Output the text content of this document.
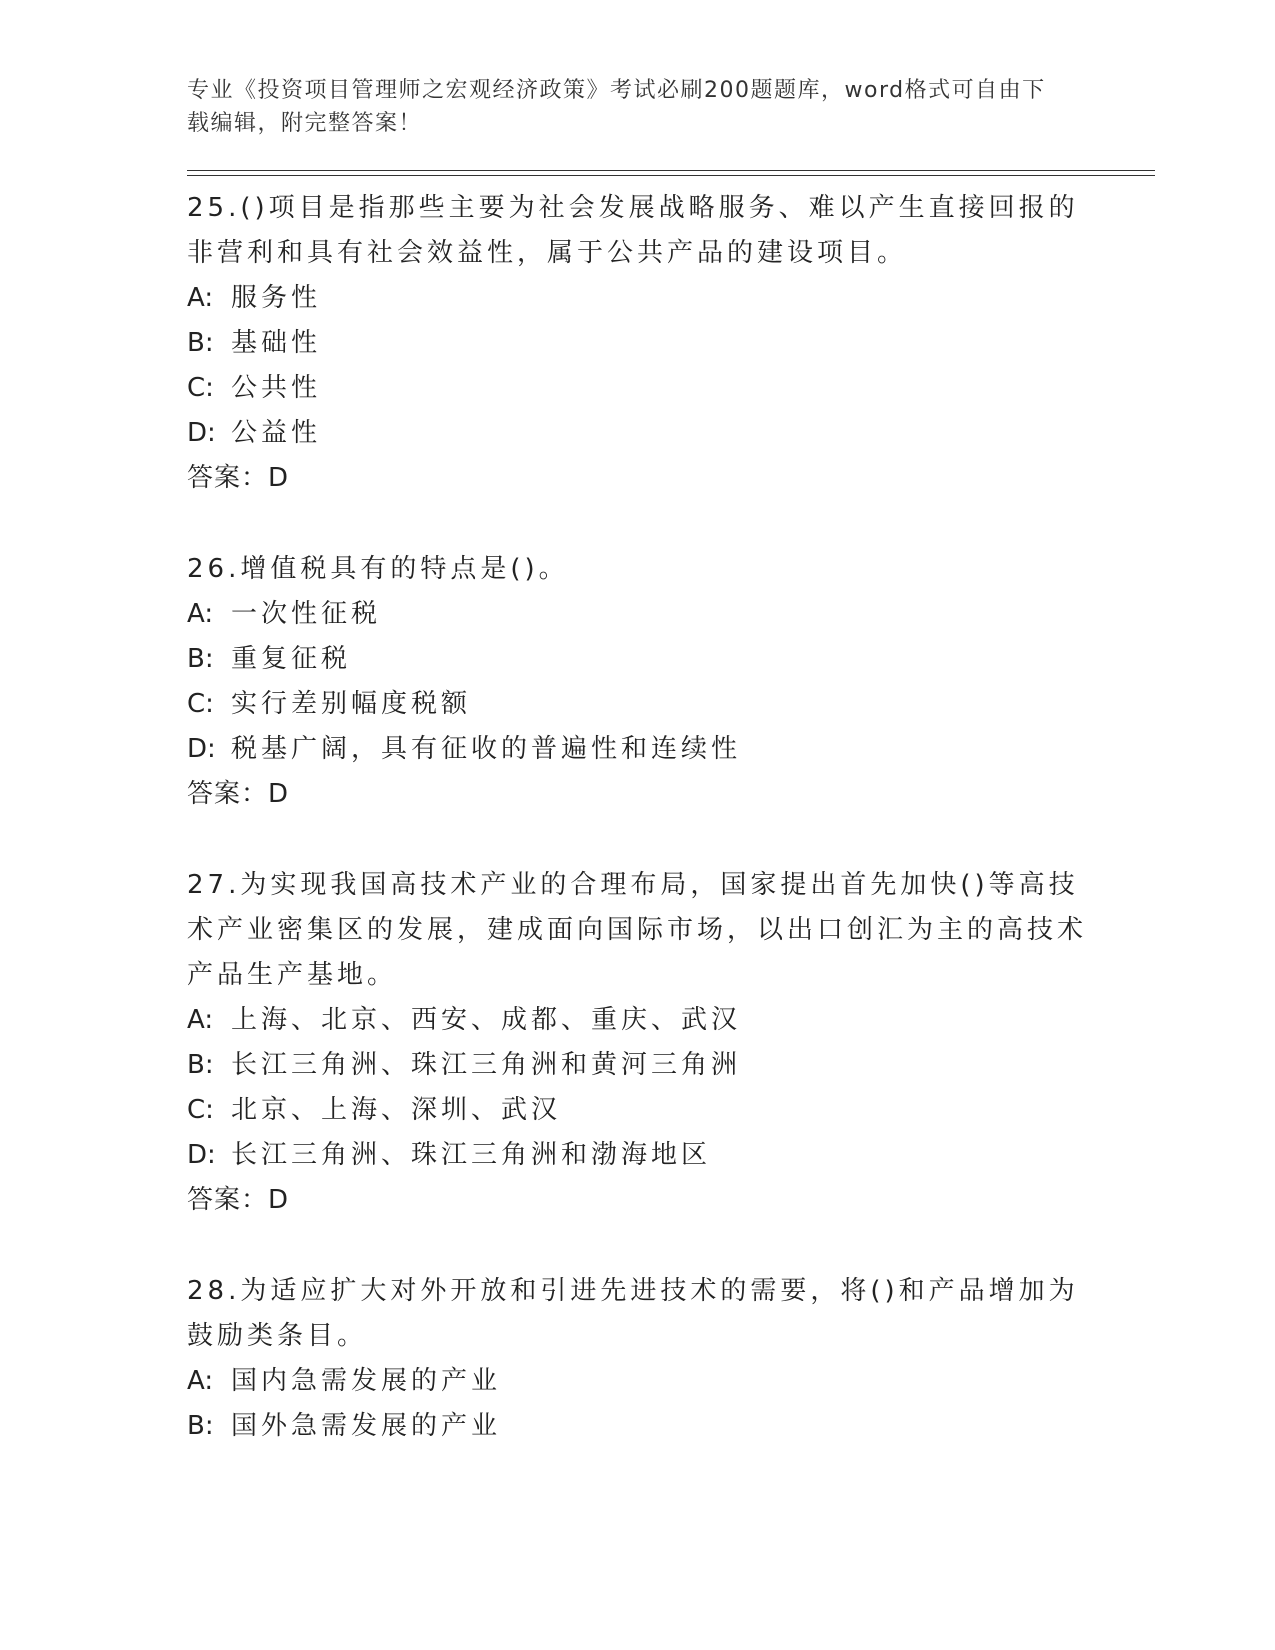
专业《投资项目管理师之宏观经济政策》考试必刷200题题库，word格式可自由下载编辑，附完整答案！
25.()项目是指那些主要为社会发展战略服务、难以产生直接回报的非营利和具有社会效益性，属于公共产品的建设项目。
A: 服务性
B: 基础性
C: 公共性
D: 公益性
答案：D
26.增值税具有的特点是()。
A: 一次性征税
B: 重复征税
C: 实行差别幅度税额
D: 税基广阔，具有征收的普遍性和连续性
答案：D
27.为实现我国高技术产业的合理布局，国家提出首先加快()等高技术产业密集区的发展，建成面向国际市场，以出口创汇为主的高技术产品生产基地。
A: 上海、北京、西安、成都、重庆、武汉
B: 长江三角洲、珠江三角洲和黄河三角洲
C: 北京、上海、深圳、武汉
D: 长江三角洲、珠江三角洲和渤海地区
答案：D
28.为适应扩大对外开放和引进先进技术的需要，将()和产品增加为鼓励类条目。
A: 国内急需发展的产业
B: 国外急需发展的产业
